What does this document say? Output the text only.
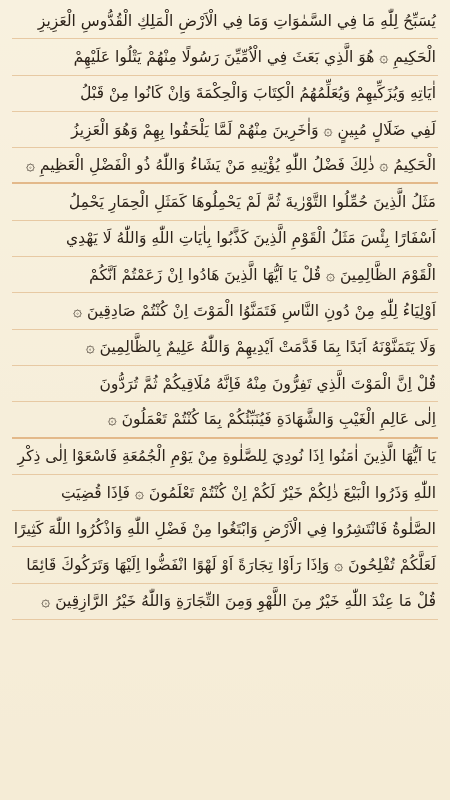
يُسَبِّحُ لِلّٰهِ مَا فِي السَّمٰوَاتِ وَمَا فِي الْاَرْضِ الْمَلِكِ الْقُدُّوسِ الْعَزِيزِ
الْحَكِيمِ ۞ هُوَ الَّذِي بَعَثَ فِي الْاُمِّيِّنَ رَسُولًا مِنْهُمْ يَتْلُوا عَلَيْهِمْ
اٰيَاتِهِ وَيُزَكِّيهِمْ وَيُعَلِّمُهُمُ الْكِتَابَ وَالْحِكْمَةَ وَاِنْ كَانُوا مِنْ قَبْلُ
لَفِي ضَلَالٍ مُبِينٍ ۞ وَاٰخَرِينَ مِنْهُمْ لَمَّا يَلْحَقُوا بِهِمْ وَهُوَ الْعَزِيزُ
الْحَكِيمُ ۞ ذٰلِكَ فَضْلُ اللّٰهِ يُؤْتِيهِ مَنْ يَشَاءُ وَاللّٰهُ ذُو الْفَضْلِ الْعَظِيمِ ۞
مَثَلُ الَّذِينَ حُمِّلُوا التَّوْرٰيةَ ثُمَّ لَمْ يَحْمِلُوهَا كَمَثَلِ الْحِمَارِ يَحْمِلُ
اَسْفَارًا بِئْسَ مَثَلُ الْقَوْمِ الَّذِينَ كَذَّبُوا بِاٰيَاتِ اللّٰهِ وَاللّٰهُ لَا يَهْدِي
الْقَوْمَ الظَّالِمِينَ ۞ قُلْ يَا اَيُّهَا الَّذِينَ هَادُوا اِنْ زَعَمْتُمْ اَنَّكُمْ
اَوْلِيَاءُ لِلّٰهِ مِنْ دُونِ النَّاسِ فَتَمَنَّوُا الْمَوْتَ اِنْ كُنْتُمْ صَادِقِينَ ۞
وَلَا يَتَمَنَّوْنَهُ اَبَدًا بِمَا قَدَّمَتْ اَيْدِيهِمْ وَاللّٰهُ عَلِيمٌ بِالظَّالِمِينَ ۞
قُلْ اِنَّ الْمَوْتَ الَّذِي تَفِرُّونَ مِنْهُ فَاِنَّهُ مُلَاقِيكُمْ ثُمَّ تُرَدُّونَ
اِلٰى عَالِمِ الْغَيْبِ وَالشَّهَادَةِ فَيُنَبِّئُكُمْ بِمَا كُنْتُمْ تَعْمَلُونَ ۞
يَا اَيُّهَا الَّذِينَ اٰمَنُوا اِذَا نُودِيَ لِلصَّلٰوةِ مِنْ يَوْمِ الْجُمُعَةِ فَاسْعَوْا اِلٰى ذِكْرِ
اللّٰهِ وَذَرُوا الْبَيْعَ ذٰلِكُمْ خَيْرٌ لَكُمْ اِنْ كُنْتُمْ تَعْلَمُونَ ۞ فَاِذَا قُضِيَتِ
الصَّلٰوةُ فَانْتَشِرُوا فِي الْاَرْضِ وَابْتَغُوا مِنْ فَضْلِ اللّٰهِ وَاذْكُرُوا اللّٰهَ كَثِيرًا
لَعَلَّكُمْ تُفْلِحُونَ ۞ وَاِذَا رَاَوْا تِجَارَةً اَوْ لَهْوًا انْفَضُّوا اِلَيْهَا وَتَرَكُوكَ قَائِمًا
قُلْ مَا عِنْدَ اللّٰهِ خَيْرٌ مِنَ اللَّهْوِ وَمِنَ التِّجَارَةِ وَاللّٰهُ خَيْرُ الرَّازِقِينَ ۞
